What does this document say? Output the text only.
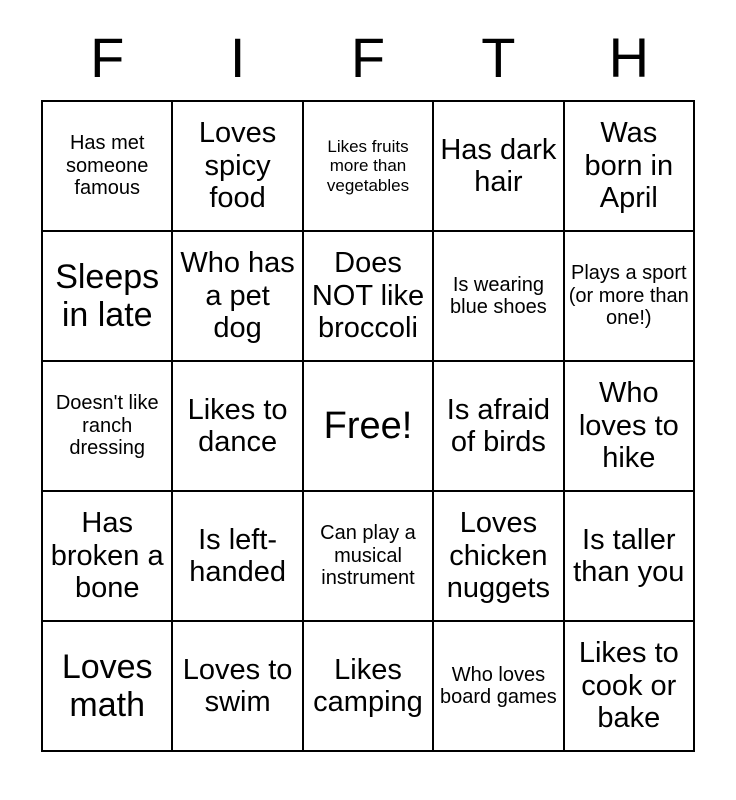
F I F T H
Has met someone famous
Loves spicy food
Likes fruits more than vegetables
Has dark hair
Was born in April
Sleeps in late
Who has a pet dog
Does NOT like broccoli
Is wearing blue shoes
Plays a sport (or more than one!)
Doesn't like ranch dressing
Likes to dance	Free!	Is afraid of birds
Who loves to hike
Has broken a bone
Is left-handed
Can play a musical instrument
Loves chicken nuggets
Is taller than you
Loves math
Loves to swim
Likes camping
Who loves board games
Likes to cook or bake
